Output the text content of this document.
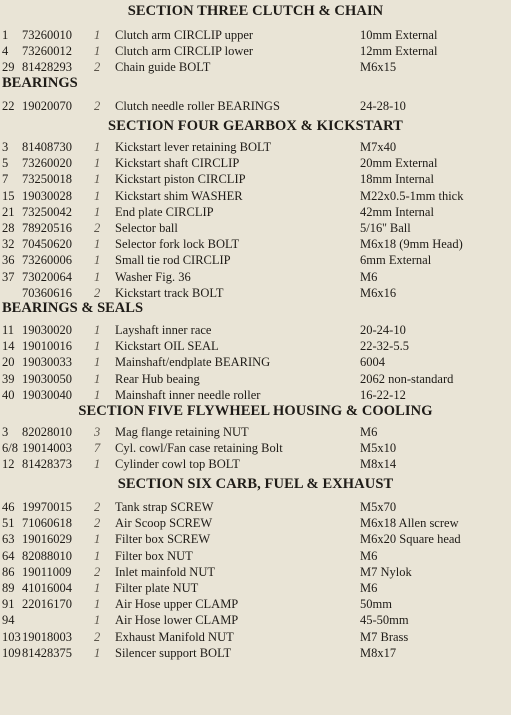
SECTION THREE CLUTCH & CHAIN
1 73260010 1 Clutch arm CIRCLIP upper	10mm External
4 73260012 1 Clutch arm CIRCLIP lower	12mm External
29 81428293 2 Chain guide BOLT	M6x15
BEARINGS
22 19020070 2 Clutch needle roller BEARINGS	24-28-10
SECTION FOUR GEARBOX & KICKSTART
3 81408730 1 Kickstart lever retaining BOLT	M7x40
5 73260020 1 Kickstart shaft CIRCLIP	20mm External
7 73250018 1 Kickstart piston CIRCLIP	18mm Internal
15 19030028 1 Kickstart shim WASHER	M22x0.5-1mm thick
21 73250042 1 End plate CIRCLIP	42mm Internal
28 78920516 2 Selector ball	5/16'' Ball
32 70450620 1 Selector fork lock BOLT	M6x18 (9mm Head)
36 73260006 1 Small tie rod CIRCLIP	6mm External
37 73020064 1 Washer Fig. 36	M6
70360616 2 Kickstart track BOLT	M6x16
BEARINGS & SEALS
11 19030020 1 Layshaft inner race	20-24-10
14 19010016 1 Kickstart OIL SEAL	22-32-5.5
20 19030033 1 Mainshaft/endplate BEARING	6004
39 19030050 1 Rear Hub beaing	2062 non-standard
40 19030040 1 Mainshaft inner needle roller	16-22-12
SECTION FIVE FLYWHEEL HOUSING & COOLING
3 82028010 3 Mag flange retaining NUT	M6
6/8 19014003 7 Cyl. cowl/Fan case retaining Bolt	M5x10
12 81428373 1 Cylinder cowl top BOLT	M8x14
SECTION SIX CARB, FUEL & EXHAUST
46 19970015 2 Tank strap SCREW	M5x70
51 71060618 2 Air Scoop SCREW	M6x18 Allen screw
63 19016029 1 Filter box SCREW	M6x20 Square head
64 82088010 1 Filter box NUT	M6
86 19011009 2 Inlet mainfold NUT	M7 Nylok
89 41016004 1 Filter plate NUT	M6
91 22016170 1 Air Hose upper CLAMP	50mm
94	1 Air Hose lower CLAMP	45-50mm
103 19018003 2 Exhaust Manifold NUT	M7 Brass
109 81428375 1 Silencer support BOLT	M8x17
